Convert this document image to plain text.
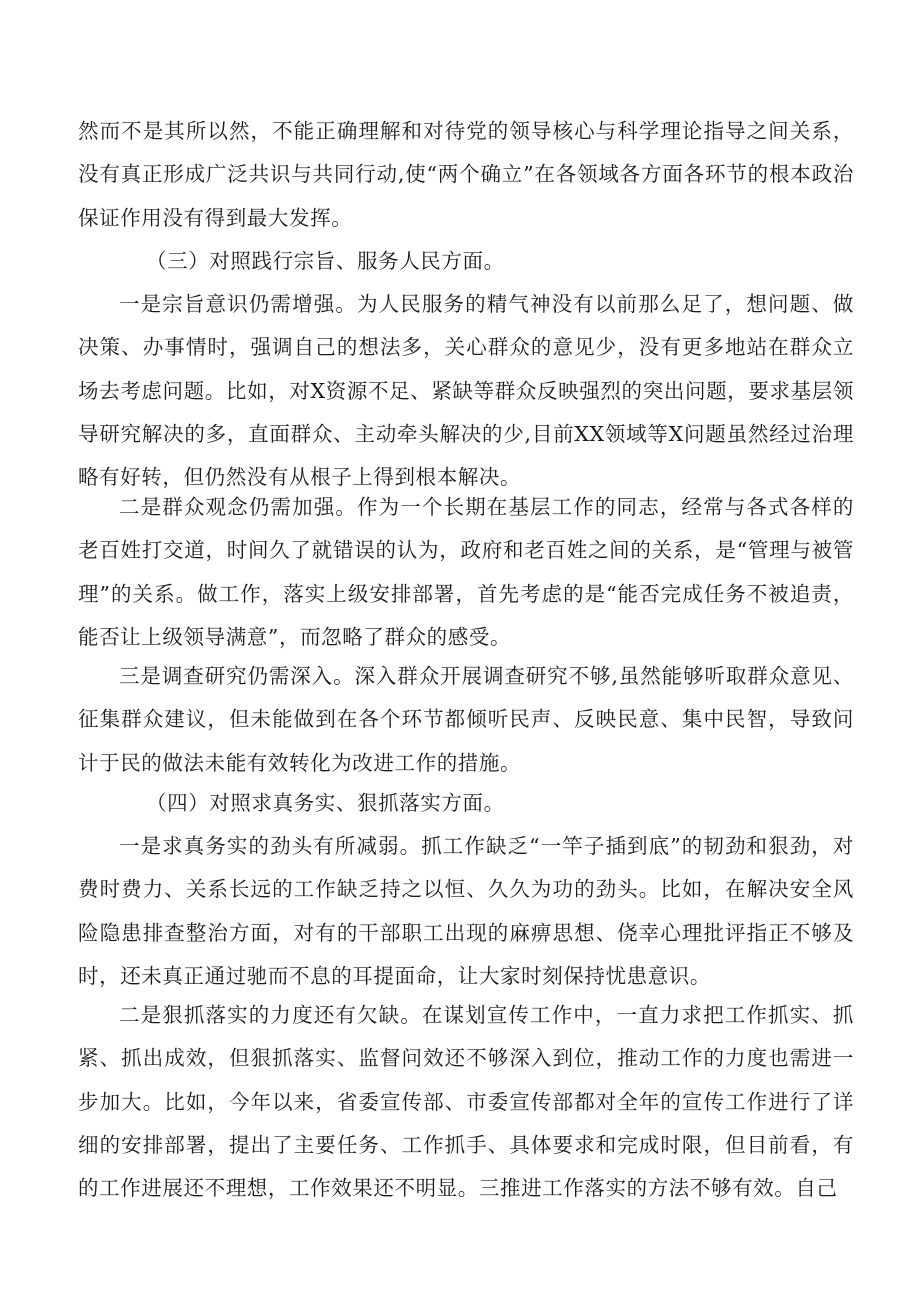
然而不是其所以然，不能正确理解和对待党的领导核心与科学理论指导之间关系，没有真正形成广泛共识与共同行动,使“两个确立”在各领域各方面各环节的根本政治保证作用没有得到最大发挥。

（三）对照践行宗旨、服务人民方面。

一是宗旨意识仍需增强。为人民服务的精气神没有以前那么足了，想问题、做决策、办事情时，强调自己的想法多，关心群众的意见少，没有更多地站在群众立场去考虑问题。比如，对X资源不足、紧缺等群众反映强烈的突出问题，要求基层领导研究解决的多，直面群众、主动牵头解决的少,目前XX领域等X问题虽然经过治理略有好转，但仍然没有从根子上得到根本解决。

二是群众观念仍需加强。作为一个长期在基层工作的同志，经常与各式各样的老百姓打交道，时间久了就错误的认为，政府和老百姓之间的关系，是“管理与被管理”的关系。做工作，落实上级安排部署，首先考虑的是“能否完成任务不被追责，能否让上级领导满意”，而忽略了群众的感受。

三是调查研究仍需深入。深入群众开展调查研究不够,虽然能够听取群众意见、征集群众建议，但未能做到在各个环节都倾听民声、反映民意、集中民智，导致问计于民的做法未能有效转化为改进工作的措施。

（四）对照求真务实、狠抓落实方面。

一是求真务实的劲头有所减弱。抓工作缺乏“一竿子插到底”的韧劲和狠劲，对费时费力、关系长远的工作缺乏持之以恒、久久为功的劲头。比如，在解决安全风险隐患排查整治方面，对有的干部职工出现的麻痹思想、侥幸心理批评指正不够及时，还未真正通过驰而不息的耳提面命，让大家时刻保持忧患意识。

二是狠抓落实的力度还有欠缺。在谋划宣传工作中，一直力求把工作抓实、抓紧、抓出成效，但狠抓落实、监督问效还不够深入到位，推动工作的力度也需进一步加大。比如，今年以来，省委宣传部、市委宣传部都对全年的宣传工作进行了详细的安排部署，提出了主要任务、工作抓手、具体要求和完成时限，但目前看，有的工作进展还不理想，工作效果还不明显。三推进工作落实的方法不够有效。自己
